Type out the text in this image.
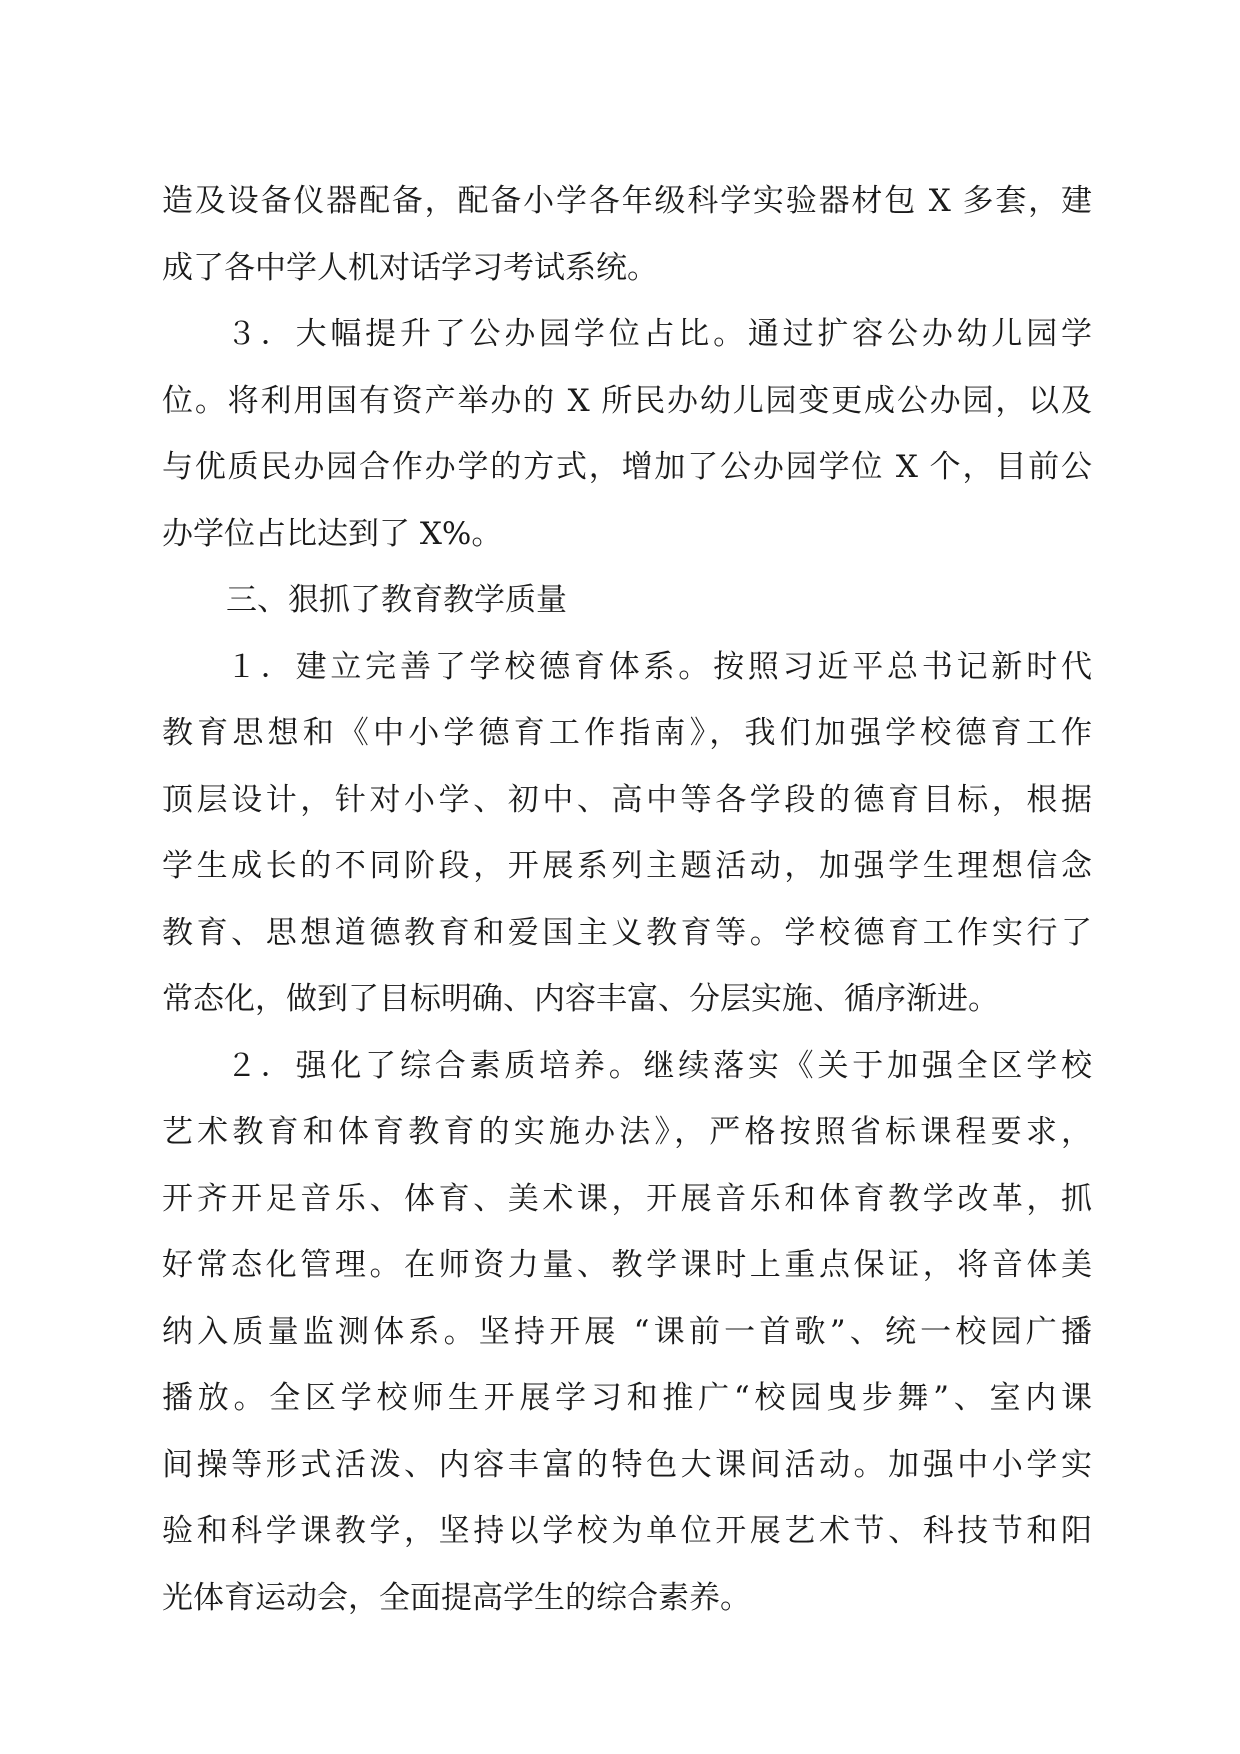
造及设备仪器配备，配备小学各年级科学实验器材包 X 多套，建
成了各中学人机对话学习考试系统。
３．大幅提升了公办园学位占比。通过扩容公办幼儿园学
位。将利用国有资产举办的 X 所民办幼儿园变更成公办园，以及
与优质民办园合作办学的方式，增加了公办园学位 X 个，目前公
办学位占比达到了 X%。
三、狠抓了教育教学质量
１．建立完善了学校德育体系。按照习近平总书记新时代
教育思想和《中小学德育工作指南》，我们加强学校德育工作
顶层设计，针对小学、初中、高中等各学段的德育目标，根据
学生成长的不同阶段，开展系列主题活动，加强学生理想信念
教育、思想道德教育和爱国主义教育等。学校德育工作实行了
常态化，做到了目标明确、内容丰富、分层实施、循序渐进。
２．强化了综合素质培养。继续落实《关于加强全区学校
艺术教育和体育教育的实施办法》，严格按照省标课程要求，
开齐开足音乐、体育、美术课，开展音乐和体育教学改革，抓
好常态化管理。在师资力量、教学课时上重点保证，将音体美
纳入质量监测体系。坚持开展 “课前一首歌”、统一校园广播
播放。全区学校师生开展学习和推广“校园曳步舞”、室内课
间操等形式活泼、内容丰富的特色大课间活动。加强中小学实
验和科学课教学，坚持以学校为单位开展艺术节、科技节和阳
光体育运动会，全面提高学生的综合素养。
